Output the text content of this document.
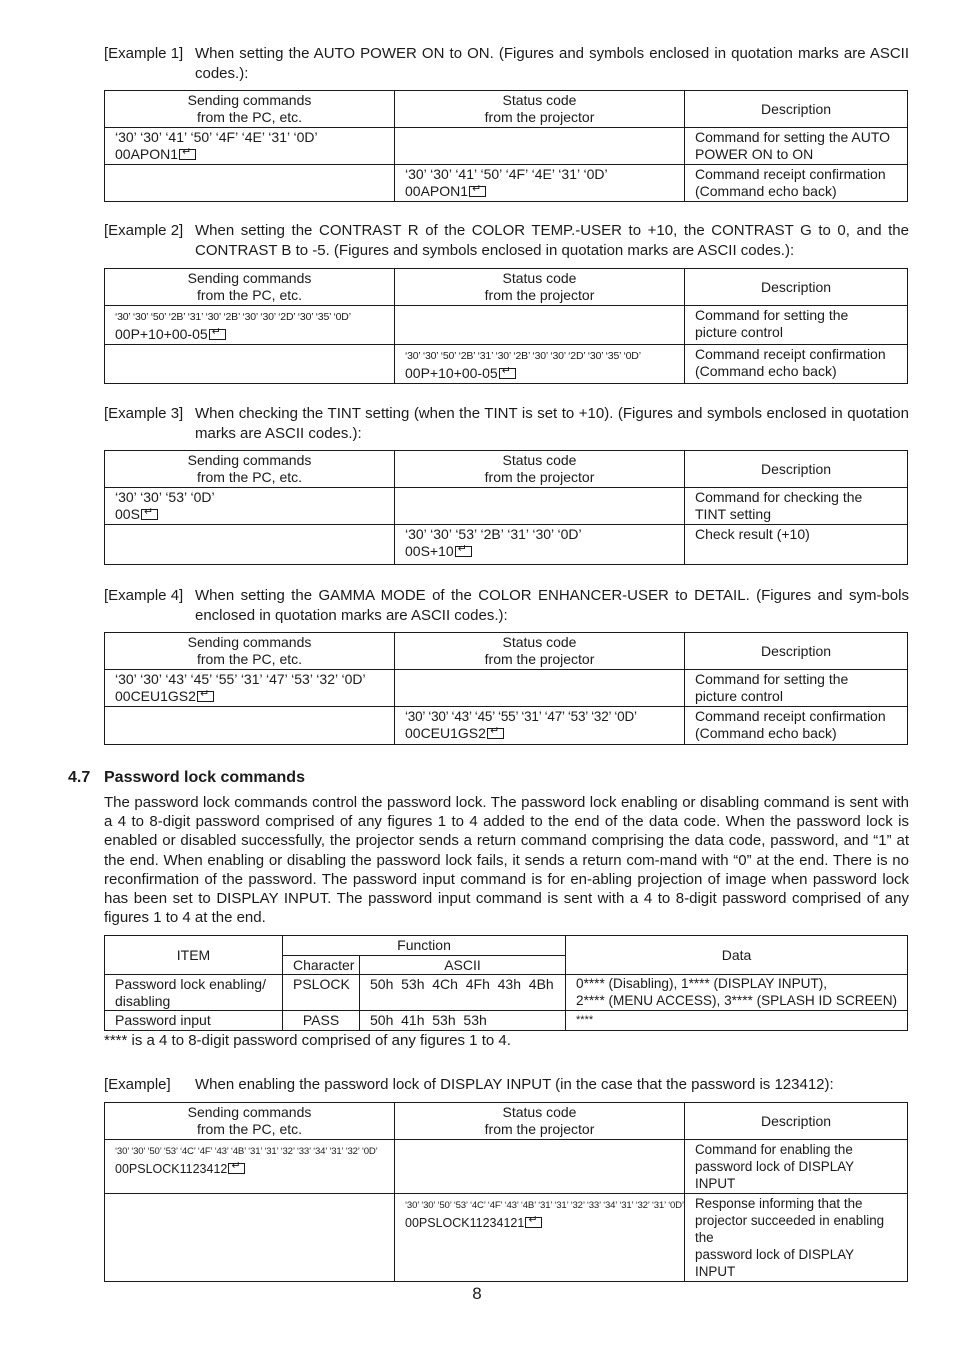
[Example 1] When setting the AUTO POWER ON to ON. (Figures and symbols enclosed in quotation marks are ASCII codes.):
Sending commands
from the PC, etc.	Status code
from the projector	Description
‘30’ ‘30’ ‘41’ ‘50’ ‘4F’ ‘4E’ ‘31’ ‘0D’
00APON1↵		Command for setting the AUTO
POWER ON to ON
	‘30’ ‘30’ ‘41’ ‘50’ ‘4F’ ‘4E’ ‘31’ ‘0D’
00APON1↵	Command receipt confirmation
(Command echo back)
[Example 2] When setting the CONTRAST R of the COLOR TEMP.-USER to +10, the CONTRAST G to 0, and the CONTRAST B to -5. (Figures and symbols enclosed in quotation marks are ASCII codes.):
Sending commands
from the PC, etc.	Status code
from the projector	Description
‘30’ ‘30’ ‘50’ ‘2B’ ‘31’ ‘30’ ‘2B’ ‘30’ ‘30’ ‘2D’ ‘30’ ‘35’ ‘0D’
00P+10+00-05↵		Command for setting the
picture control
	‘30’ ‘30’ ‘50’ ‘2B’ ‘31’ ‘30’ ‘2B’ ‘30’ ‘30’ ‘2D’ ‘30’ ‘35’ ‘0D’
00P+10+00-05↵	Command receipt confirmation
(Command echo back)
[Example 3] When checking the TINT setting (when the TINT is set to +10). (Figures and symbols enclosed in quotation marks are ASCII codes.):
Sending commands
from the PC, etc.	Status code
from the projector	Description
‘30’ ‘30’ ‘53’ ‘0D’
00S↵		Command for checking the
TINT setting
	‘30’ ‘30’ ‘53’ ‘2B’ ‘31’ ‘30’ ‘0D’
00S+10↵	Check result (+10)
[Example 4] When setting the GAMMA MODE of the COLOR ENHANCER-USER to DETAIL. (Figures and sym-bols enclosed in quotation marks are ASCII codes.):
Sending commands
from the PC, etc.	Status code
from the projector	Description
‘30’ ‘30’ ‘43’ ‘45’ ‘55’ ‘31’ ‘47’ ‘53’ ‘32’ ‘0D’
00CEU1GS2↵		Command for setting the
picture control
	‘30’ ‘30’ ‘43’ ‘45’ ‘55’ ‘31’ ‘47’ ‘53’ ‘32’ ‘0D’
00CEU1GS2↵	Command receipt confirmation
(Command echo back)
4.7 Password lock commands
The password lock commands control the password lock. The password lock enabling or disabling command is sent with a 4 to 8-digit password comprised of any figures 1 to 4 added to the end of the data code. When the password lock is enabled or disabled successfully, the projector sends a return command comprising the data code, password, and “1” at the end. When enabling or disabling the password lock fails, it sends a return com-mand with “0” at the end. There is no reconfirmation of the password. The password input command is for en-abling projection of image when password lock has been set to DISPLAY INPUT. The password input command is sent with a 4 to 8-digit password comprised of any figures 1 to 4 at the end.
ITEM	Function		Data
	Character	ASCII	
Password lock enabling/
disabling	PSLOCK	50h  53h  4Ch  4Fh  43h  4Bh	0**** (Disabling), 1**** (DISPLAY INPUT),
2**** (MENU ACCESS), 3**** (SPLASH ID SCREEN)
Password input	PASS	50h  41h  53h  53h	****
**** is a 4 to 8-digit password comprised of any figures 1 to 4.
[Example] When enabling the password lock of DISPLAY INPUT (in the case that the password is 123412):
Sending commands
from the PC, etc.	Status code
from the projector	Description
‘30’ ‘30’ ‘50’ ‘53’ ‘4C’ ‘4F’ ‘43’ ‘4B’ ‘31’ ‘31’ ‘32’ ‘33’ ‘34’ ‘31’ ‘32’ ‘0D’
00PSLOCK1123412↵		Command for enabling the
password lock of DISPLAY INPUT
	‘30’ ‘30’ ‘50’ ‘53’ ‘4C’ ‘4F’ ‘43’ ‘4B’ ‘31’ ‘31’ ‘32’ ‘33’ ‘34’ ‘31’ ‘32’ ‘31’ ‘0D’
00PSLOCK11234121↵	Response informing that the
projector succeeded in enabling the
password lock of DISPLAY INPUT
8
